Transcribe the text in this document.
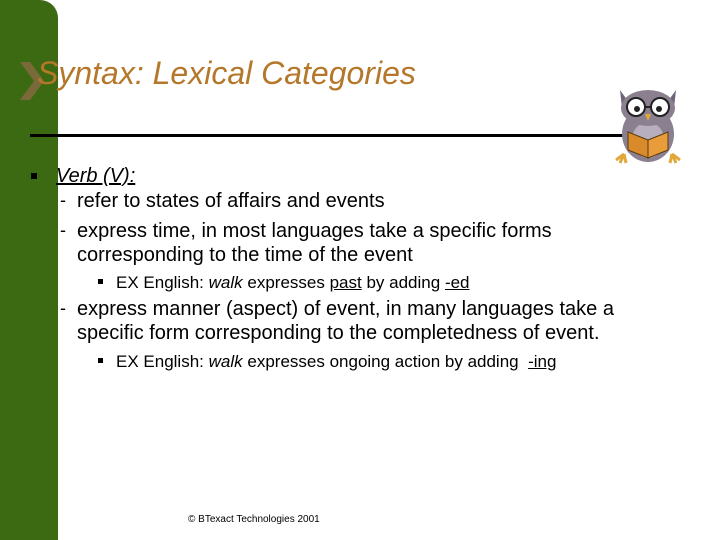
Syntax: Lexical Categories
Verb (V):
- refer to states of affairs and events
- express time, in most languages take a specific forms
corresponding to the time of the event
EX English: walk expresses past by adding -ed
- express manner (aspect) of event, in many languages take a
specific form corresponding to the completedness of event.
EX English: walk expresses ongoing action by adding -ing
© BTexact Technologies 2001
